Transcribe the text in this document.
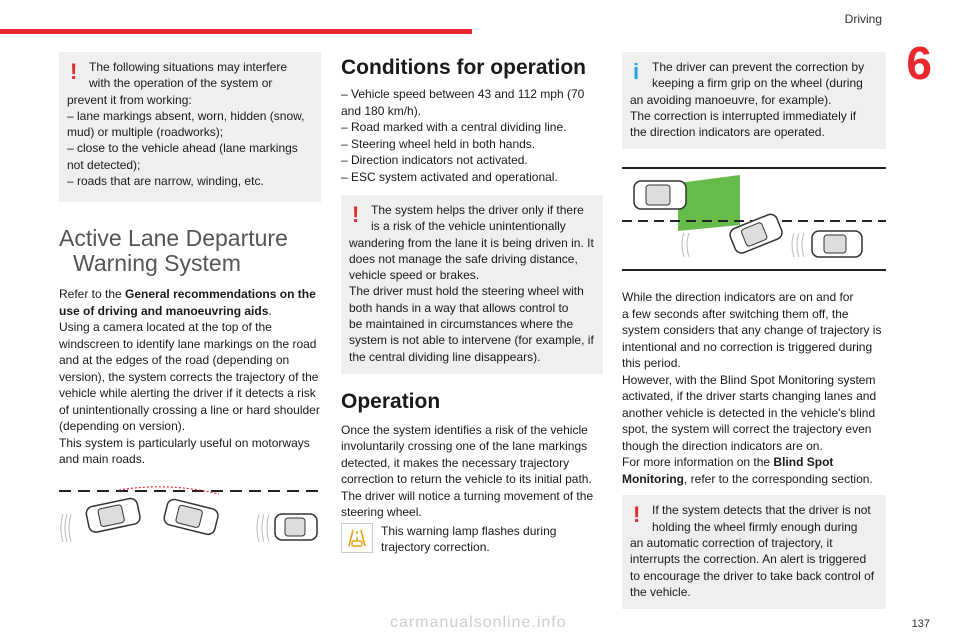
Driving
6
137
! The following situations may interfere

with the operation of the system or

prevent it from working:

– lane markings absent, worn, hidden (snow,

mud) or multiple (roadworks);

– close to the vehicle ahead (lane markings

not detected);

– roads that are narrow, winding, etc.

Active Lane Departure
Warning System

Refer to the General recommendations on the

use of driving and manoeuvring aids.

Using a camera located at the top of the

windscreen to identify lane markings on the road

and at the edges of the road (depending on

version), the system corrects the trajectory of the

vehicle while alerting the driver if it detects a risk

of unintentionally crossing a line or hard shoulder

(depending on version).

This system is particularly useful on motorways

and main roads.

Conditions for operation

– Vehicle speed between 43 and 112 mph (70

and 180 km/h).

– Road marked with a central dividing line.

– Steering wheel held in both hands.

– Direction indicators not activated.

– ESC system activated and operational.

! The system helps the driver only if there

is a risk of the vehicle unintentionally

wandering from the lane it is being driven in. It

does not manage the safe driving distance,

vehicle speed or brakes.

The driver must hold the steering wheel with

both hands in a way that allows control to

be maintained in circumstances where the

system is not able to intervene (for example, if

the central dividing line disappears).

Operation

Once the system identifies a risk of the vehicle

involuntarily crossing one of the lane markings

detected, it makes the necessary trajectory

correction to return the vehicle to its initial path.

The driver will notice a turning movement of the

steering wheel.

This warning lamp flashes during

trajectory correction.

i	The driver can prevent the correction by

keeping a firm grip on the wheel (during

an avoiding manoeuvre, for example).

The correction is interrupted immediately if

the direction indicators are operated.

While the direction indicators are on and for

a few seconds after switching them off, the

system considers that any change of trajectory is

intentional and no correction is triggered during

this period.

However, with the Blind Spot Monitoring system

activated, if the driver starts changing lanes and

another vehicle is detected in the vehicle's blind

spot, the system will correct the trajectory even

though the direction indicators are on.

For more information on the Blind Spot

Monitoring, refer to the corresponding section.

! If the system detects that the driver is not

holding the wheel firmly enough during

an automatic correction of trajectory, it

interrupts the correction. An alert is triggered

to encourage the driver to take back control of

the vehicle.

carmanualsonline.info
